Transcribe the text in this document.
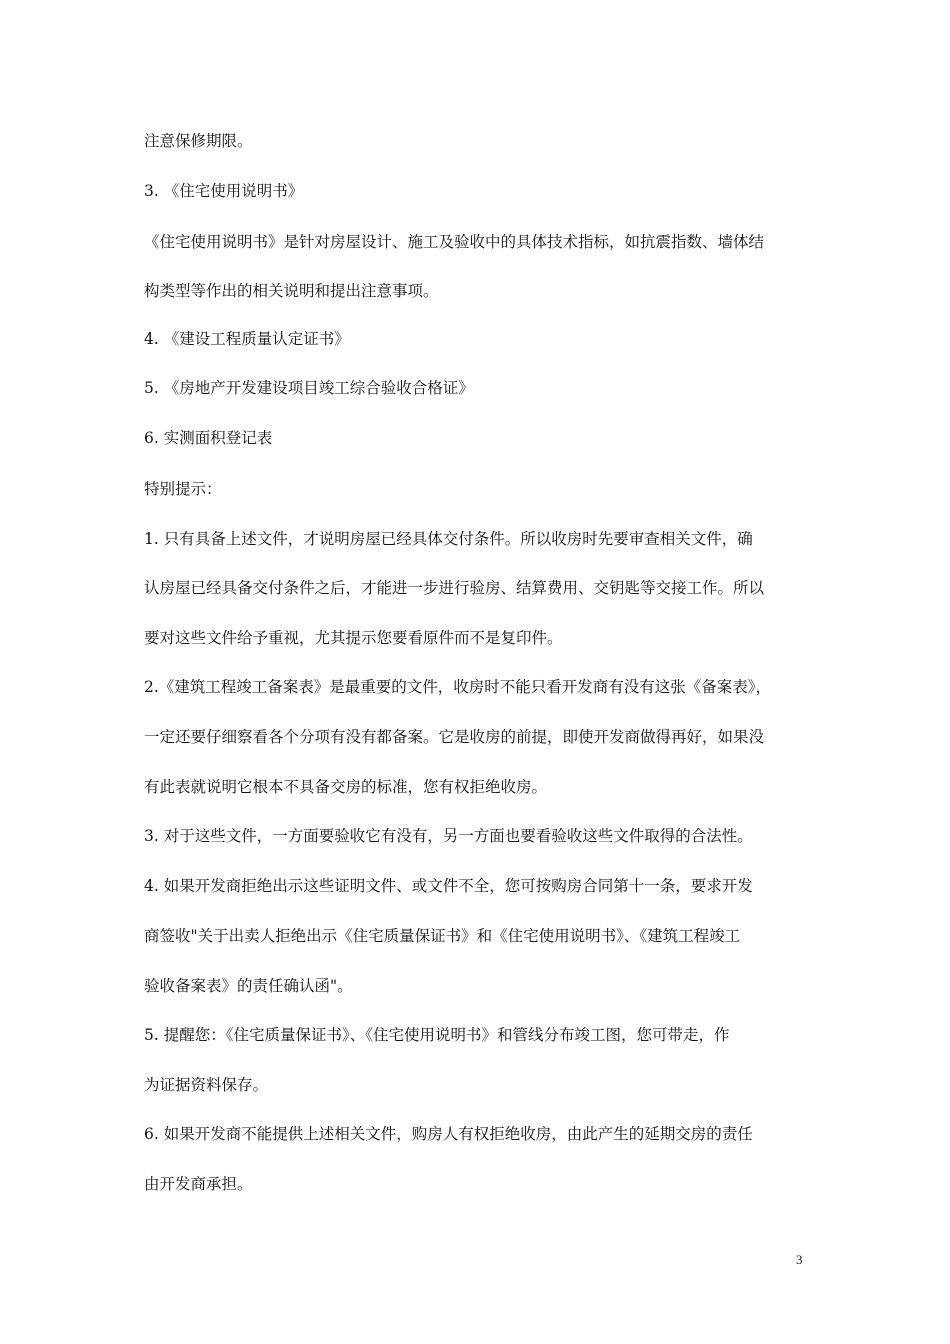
注意保修期限。
3. 《住宅使用说明书》
《住宅使用说明书》是针对房屋设计、施工及验收中的具体技术指标，如抗震指数、墙体结
构类型等作出的相关说明和提出注意事项。
4. 《建设工程质量认定证书》
5. 《房地产开发建设项目竣工综合验收合格证》
6. 实测面积登记表
特别提示：
1. 只有具备上述文件，才说明房屋已经具体交付条件。所以收房时先要审查相关文件，确
认房屋已经具备交付条件之后，才能进一步进行验房、结算费用、交钥匙等交接工作。所以
要对这些文件给予重视，尤其提示您要看原件而不是复印件。
2.《建筑工程竣工备案表》是最重要的文件，收房时不能只看开发商有没有这张《备案表》，
一定还要仔细察看各个分项有没有都备案。它是收房的前提，即使开发商做得再好，如果没
有此表就说明它根本不具备交房的标准，您有权拒绝收房。
3. 对于这些文件，一方面要验收它有没有，另一方面也要看验收这些文件取得的合法性。
4. 如果开发商拒绝出示这些证明文件、或文件不全，您可按购房合同第十一条，要求开发
商签收"关于出卖人拒绝出示《住宅质量保证书》和《住宅使用说明书》、《建筑工程竣工
验收备案表》的责任确认函"。
5. 提醒您：《住宅质量保证书》、《住宅使用说明书》和管线分布竣工图，您可带走，作
为证据资料保存。
6. 如果开发商不能提供上述相关文件，购房人有权拒绝收房，由此产生的延期交房的责任
由开发商承担。
3
